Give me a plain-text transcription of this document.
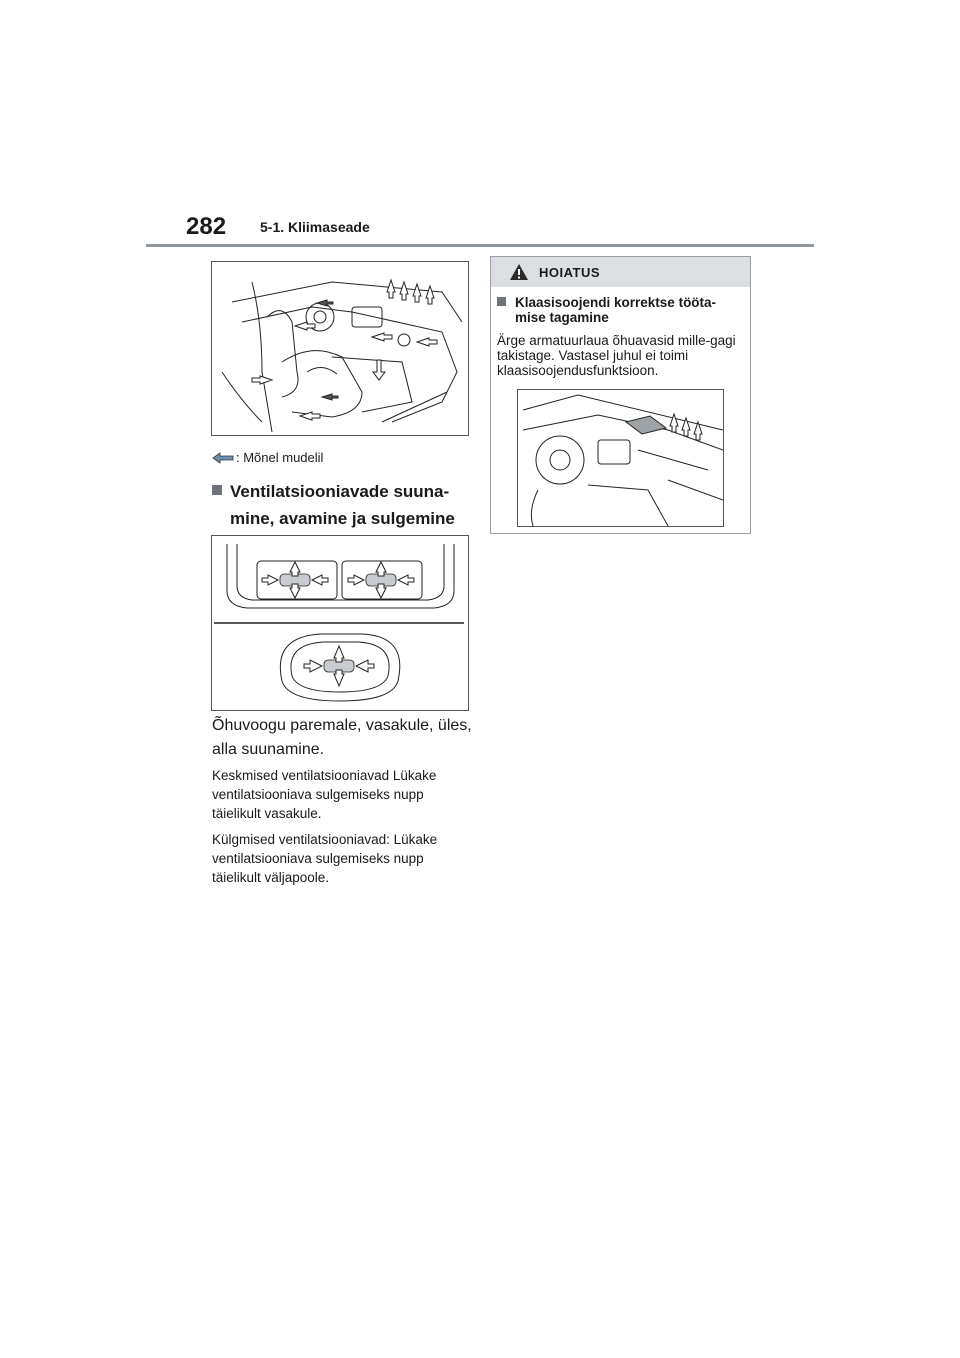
282 5-1. Kliimaseade
: Mõnel mudelil
Ventilatsiooniavade suuna-
mine, avamine ja sulgemine
Õhuvoogu paremale, vasakule, üles, alla suunamine.
Keskmised ventilatsiooniavad Lükake ventilatsiooniava sulgemiseks nupp täielikult vasakule.
Külgmised ventilatsiooniavad: Lükake ventilatsiooniava sulgemiseks nupp täielikult väljapoole.
HOIATUS
Klaasisoojendi korrektse tööta-
mise tagamine
Ärge armatuurlaua õhuavasid mille-gagi takistage. Vastasel juhul ei toimi klaasisoojendusfunktsioon.
